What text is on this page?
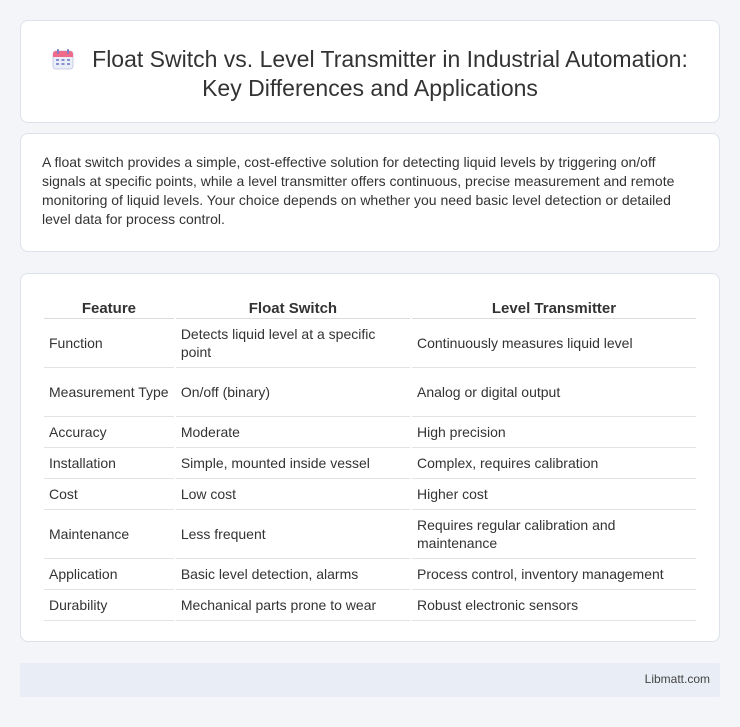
Float Switch vs. Level Transmitter in Industrial Automation: Key Differences and Applications

A float switch provides a simple, cost-effective solution for detecting liquid levels by triggering on/off signals at specific points, while a level transmitter offers continuous, precise measurement and remote monitoring of liquid levels. Your choice depends on whether you need basic level detection or detailed level data for process control.

Feature	Float Switch	Level Transmitter
Function	Detects liquid level at a specific point	Continuously measures liquid level
Measurement Type	On/off (binary)	Analog or digital output
Accuracy	Moderate	High precision
Installation	Simple, mounted inside vessel	Complex, requires calibration
Cost	Low cost	Higher cost
Maintenance	Less frequent	Requires regular calibration and maintenance
Application	Basic level detection, alarms	Process control, inventory management
Durability	Mechanical parts prone to wear	Robust electronic sensors
Libmatt.com
